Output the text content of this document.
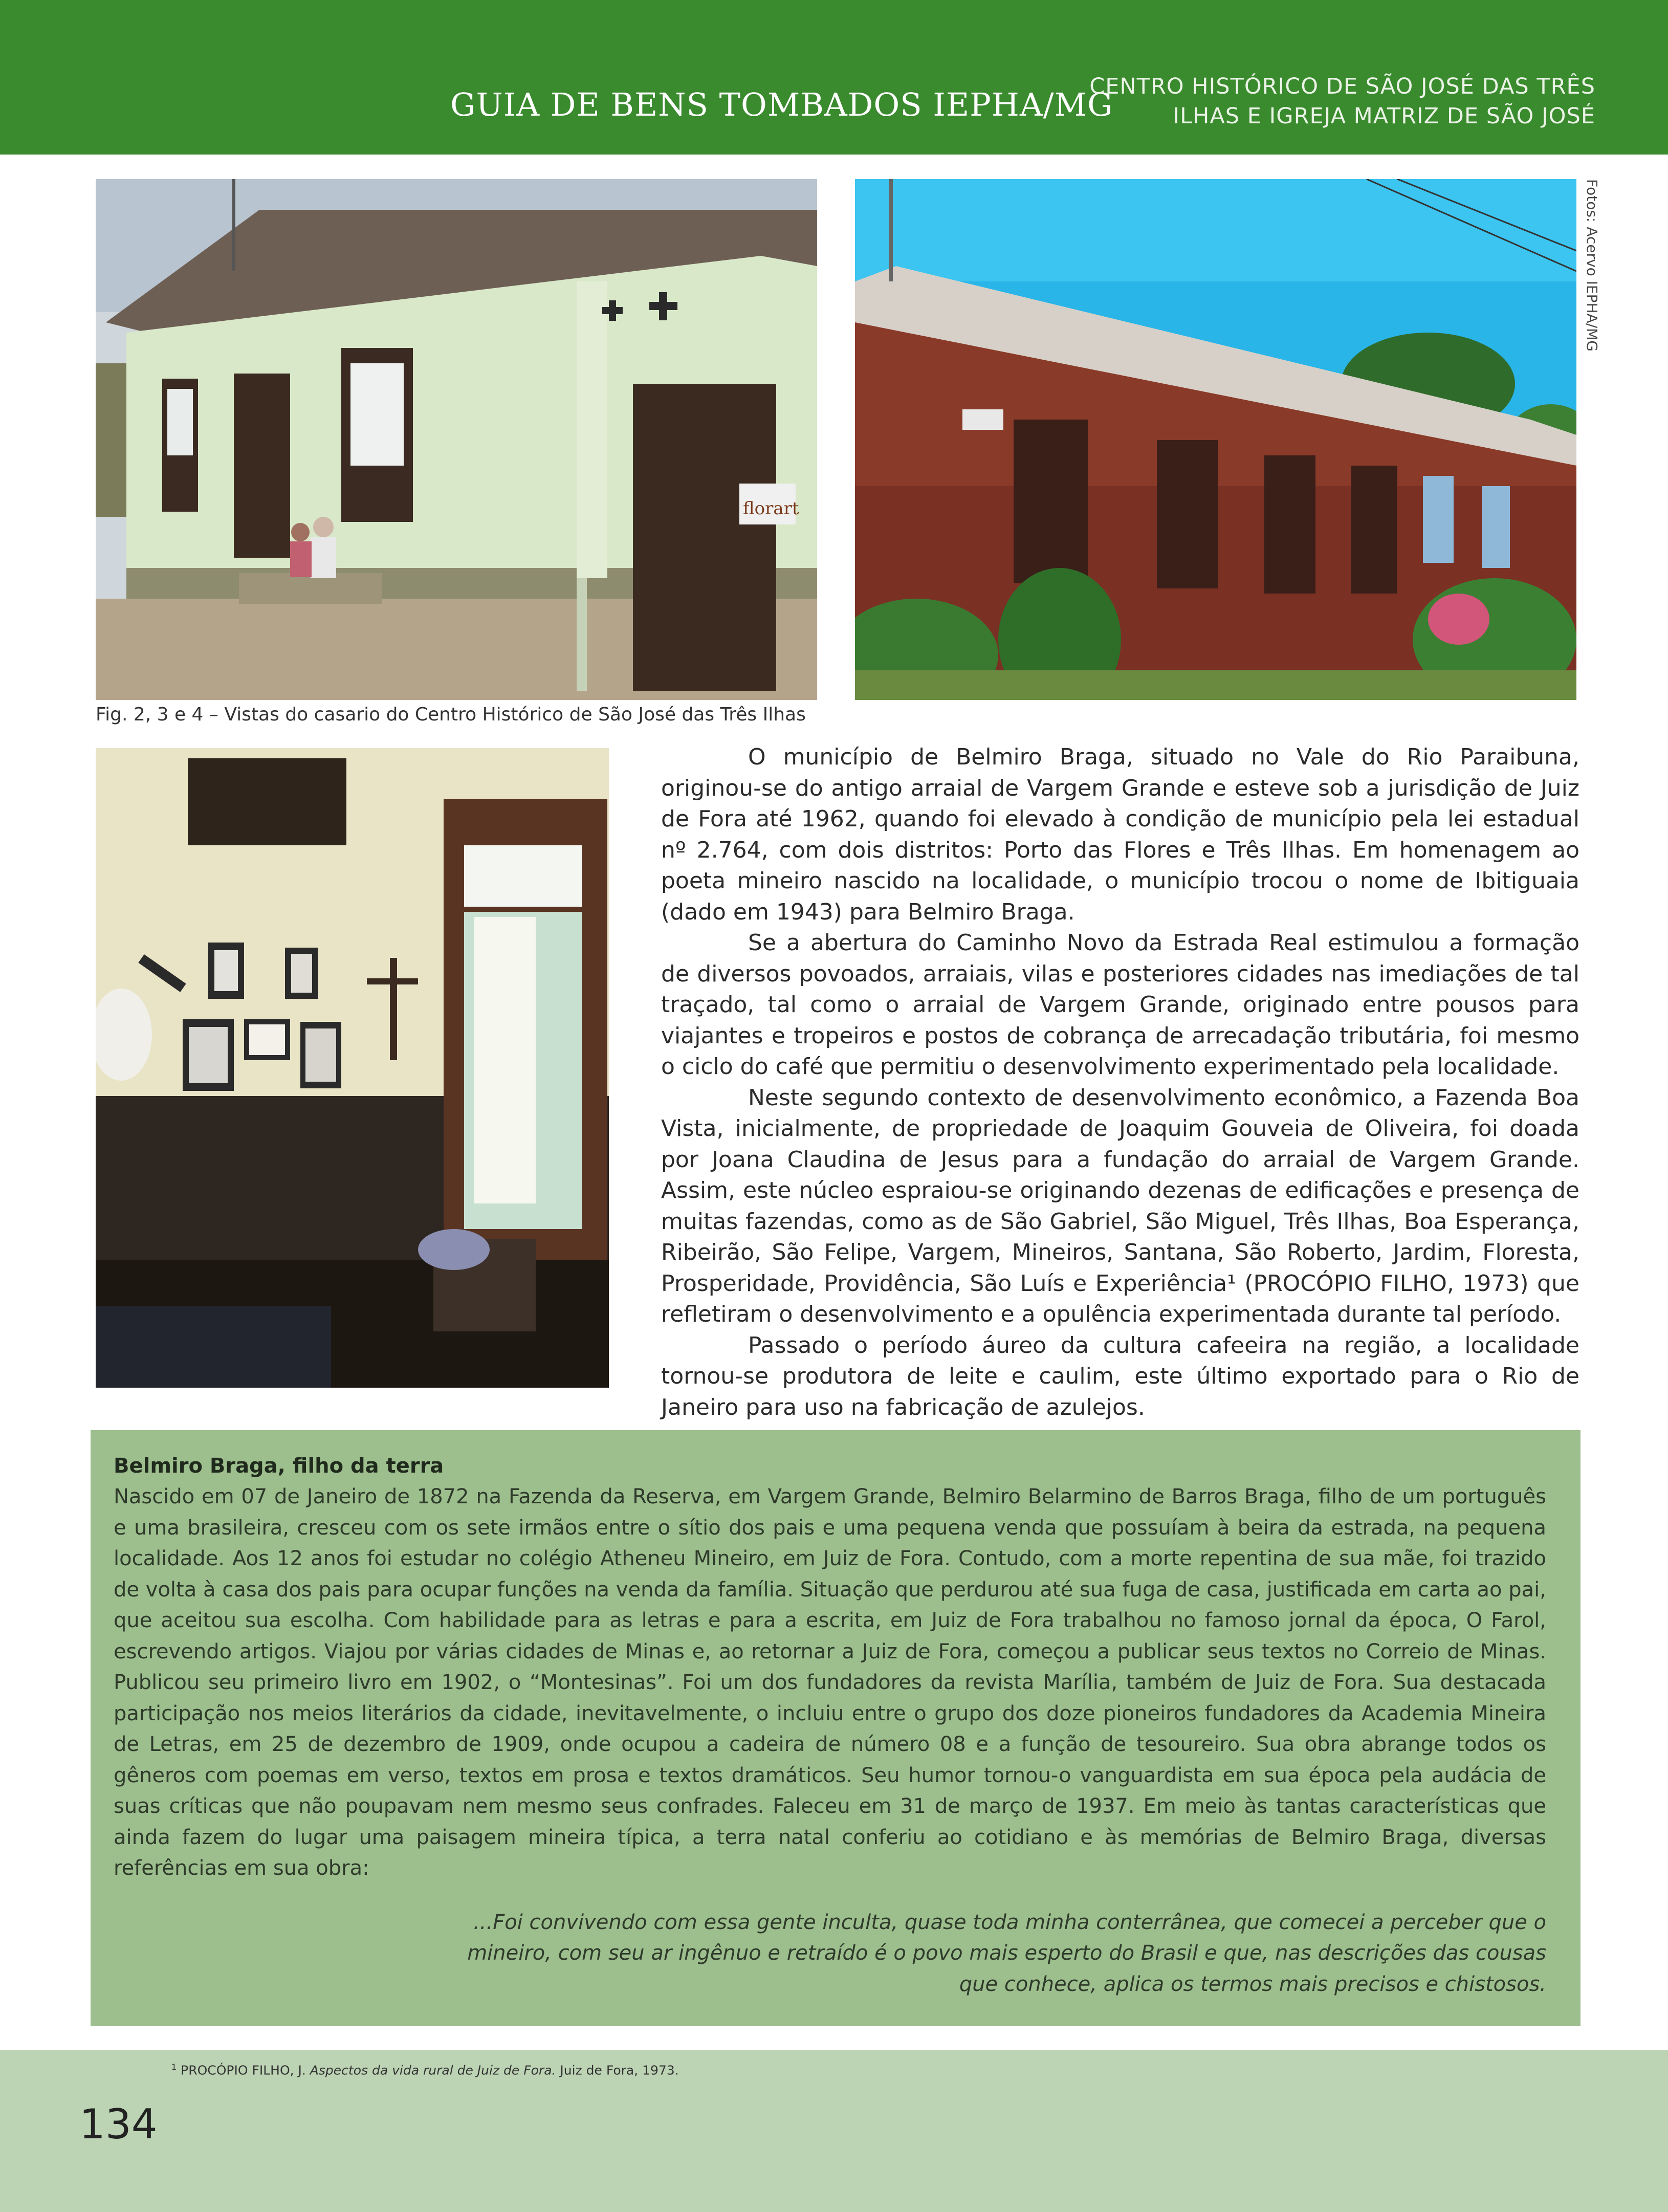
GUIA DE BENS TOMBADOS IEPHA/MG
CENTRO HISTÓRICO DE SÃO JOSÉ DAS TRÊS
ILHAS E IGREJA MATRIZ DE SÃO JOSÉ
florart
Fotos: Acervo IEPHA/MG
Fig. 2, 3 e 4 – Vistas do casario do Centro Histórico de São José das Três Ilhas

O município de Belmiro Braga, situado no Vale do Rio Paraibuna, originou-se do antigo arraial de Vargem Grande e esteve sob a jurisdição de Juiz de Fora até 1962, quando foi elevado à condição de município pela lei estadual nº 2.764, com dois distritos: Porto das Flores e Três Ilhas. Em homenagem ao poeta mineiro nascido na localidade, o município trocou o nome de Ibitiguaia (dado em 1943) para Belmiro Braga.

Se a abertura do Caminho Novo da Estrada Real estimulou a formação de diversos povoados, arraiais, vilas e posteriores cidades nas imediações de tal traçado, tal como o arraial de Vargem Grande, originado entre pousos para viajantes e tropeiros e postos de cobrança de arrecadação tributária, foi mesmo o ciclo do café que permitiu o desenvolvimento experimentado pela localidade.

Neste segundo contexto de desenvolvimento econômico, a Fazenda Boa Vista, inicialmente, de propriedade de Joaquim Gouveia de Oliveira, foi doada por Joana Claudina de Jesus para a fundação do arraial de Vargem Grande. Assim, este núcleo espraiou-se originando dezenas de edificações e presença de muitas fazendas, como as de São Gabriel, São Miguel, Três Ilhas, Boa Esperança, Ribeirão, São Felipe, Vargem, Mineiros, Santana, São Roberto, Jardim, Floresta, Prosperidade, Providência, São Luís e Experiência¹ (PROCÓPIO FILHO, 1973) que refletiram o desenvolvimento e a opulência experimentada durante tal período.

Passado o período áureo da cultura cafeeira na região, a localidade tornou-se produtora de leite e caulim, este último exportado para o Rio de Janeiro para uso na fabricação de azulejos.

Belmiro Braga, filho da terra
Nascido em 07 de Janeiro de 1872 na Fazenda da Reserva, em Vargem Grande, Belmiro Belarmino de Barros Braga, filho de um português e uma brasileira, cresceu com os sete irmãos entre o sítio dos pais e uma pequena venda que possuíam à beira da estrada, na pequena localidade. Aos 12 anos foi estudar no colégio Atheneu Mineiro, em Juiz de Fora. Contudo, com a morte repentina de sua mãe, foi trazido de volta à casa dos pais para ocupar funções na venda da família. Situação que perdurou até sua fuga de casa, justificada em carta ao pai, que aceitou sua escolha. Com habilidade para as letras e para a escrita, em Juiz de Fora trabalhou no famoso jornal da época, O Farol, escrevendo artigos. Viajou por várias cidades de Minas e, ao retornar a Juiz de Fora, começou a publicar seus textos no Correio de Minas. Publicou seu primeiro livro em 1902, o “Montesinas”. Foi um dos fundadores da revista Marília, também de Juiz de Fora. Sua destacada participação nos meios literários da cidade, inevitavelmente, o incluiu entre o grupo dos doze pioneiros fundadores da Academia Mineira de Letras, em 25 de dezembro de 1909, onde ocupou a cadeira de número 08 e a função de tesoureiro. Sua obra abrange todos os gêneros com poemas em verso, textos em prosa e textos dramáticos. Seu humor tornou-o vanguardista em sua época pela audácia de suas críticas que não poupavam nem mesmo seus confrades. Faleceu em 31 de março de 1937. Em meio às tantas características que ainda fazem do lugar uma paisagem mineira típica, a terra natal conferiu ao cotidiano e às memórias de Belmiro Braga, diversas referências em sua obra:
...Foi convivendo com essa gente inculta, quase toda minha conterrânea, que comecei a perceber que o mineiro, com seu ar ingênuo e retraído é o povo mais esperto do Brasil e que, nas descrições das cousas que conhece, aplica os termos mais precisos e chistosos.
$^1$ PROCÓPIO FILHO, J. Aspectos da vida rural de Juiz de Fora. Juiz de Fora, 1973.
134
